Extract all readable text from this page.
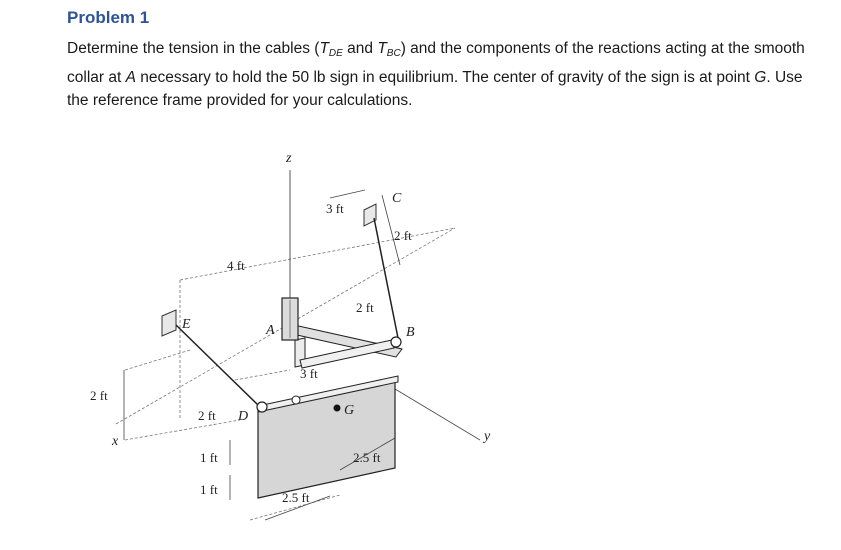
Problem 1

Determine the tension in the cables ($T_{DE}$ and $T_{BC}$) and the components of the reactions acting at the smooth collar at A necessary to hold the 50 lb sign in equilibrium. The center of gravity of the sign is at point G. Use the reference frame provided for your calculations.

z
x	y
A	B
C
D
E
G
3 ft
2 ft
4 ft
2 ft
3 ft
2 ft
2 ft
1 ft
1 ft
2.5 ft
2.5 ft
